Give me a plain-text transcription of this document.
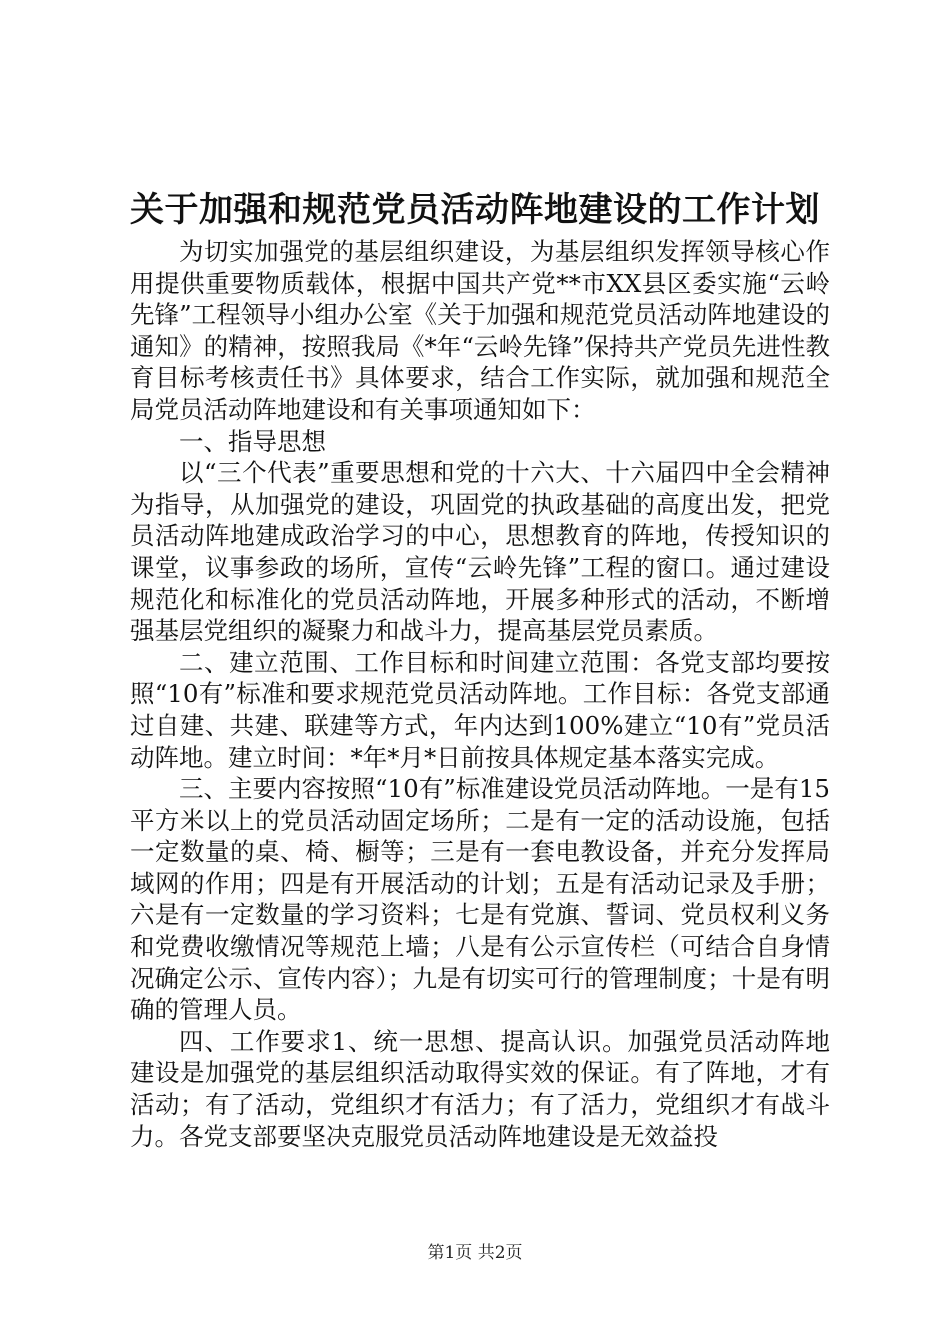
关于加强和规范党员活动阵地建设的工作计划

为切实加强党的基层组织建设，为基层组织发挥领导核心作用提供重要物质载体，根据中国共产党**市XX县区委实施“云岭先锋”工程领导小组办公室《关于加强和规范党员活动阵地建设的通知》的精神，按照我局《*年“云岭先锋”保持共产党员先进性教育目标考核责任书》具体要求，结合工作实际，就加强和规范全局党员活动阵地建设和有关事项通知如下：

一、指导思想

以“三个代表”重要思想和党的十六大、十六届四中全会精神为指导，从加强党的建设，巩固党的执政基础的高度出发，把党员活动阵地建成政治学习的中心，思想教育的阵地，传授知识的课堂，议事参政的场所，宣传“云岭先锋”工程的窗口。通过建设规范化和标准化的党员活动阵地，开展多种形式的活动，不断增强基层党组织的凝聚力和战斗力，提高基层党员素质。

二、建立范围、工作目标和时间建立范围：各党支部均要按照“10有”标准和要求规范党员活动阵地。工作目标：各党支部通过自建、共建、联建等方式，年内达到100%建立“10有”党员活动阵地。建立时间：*年*月*日前按具体规定基本落实完成。

三、主要内容按照“10有”标准建设党员活动阵地。一是有15平方米以上的党员活动固定场所；二是有一定的活动设施，包括一定数量的桌、椅、橱等；三是有一套电教设备，并充分发挥局域网的作用；四是有开展活动的计划；五是有活动记录及手册；六是有一定数量的学习资料；七是有党旗、誓词、党员权利义务和党费收缴情况等规范上墙；八是有公示宣传栏（可结合自身情况确定公示、宣传内容）；九是有切实可行的管理制度；十是有明确的管理人员。

四、工作要求1、统一思想、提高认识。加强党员活动阵地建设是加强党的基层组织活动取得实效的保证。有了阵地，才有活动；有了活动，党组织才有活力；有了活力，党组织才有战斗力。各党支部要坚决克服党员活动阵地建设是无效益投

第1页 共2页
